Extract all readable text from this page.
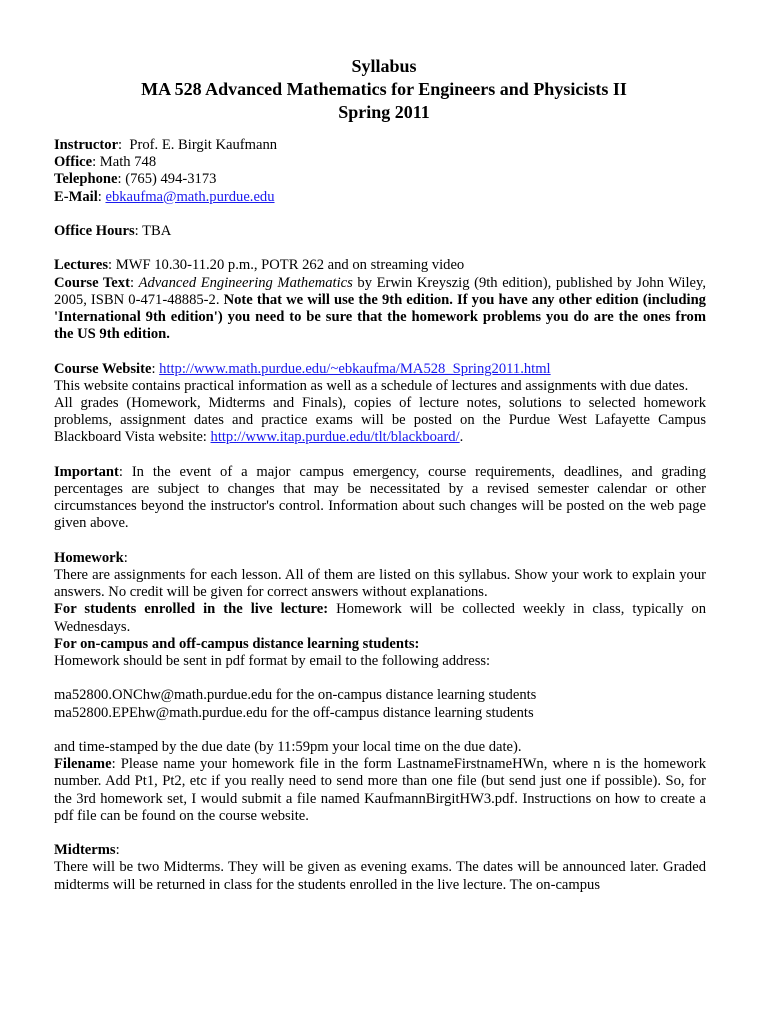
Syllabus
MA 528 Advanced Mathematics for Engineers and Physicists II
Spring 2011

Instructor:  Prof. E. Birgit Kaufmann

Office: Math 748

Telephone: (765) 494-3173

E-Mail: ebkaufma@math.purdue.edu

Office Hours: TBA

Lectures: MWF 10.30-11.20 p.m., POTR 262 and on streaming video

Course Text: Advanced Engineering Mathematics by Erwin Kreyszig (9th edition), published by John Wiley, 2005, ISBN 0-471-48885-2. Note that we will use the 9th edition. If you have any other edition (including 'International 9th edition') you need to be sure that the homework problems you do are the ones from the US 9th edition.

Course Website: http://www.math.purdue.edu/~ebkaufma/MA528_Spring2011.html

This website contains practical information as well as a schedule of lectures and assignments with due dates.

All grades (Homework, Midterms and Finals), copies of lecture notes, solutions to selected homework problems, assignment dates and practice exams will be posted on the Purdue West Lafayette Campus Blackboard Vista website: http://www.itap.purdue.edu/tlt/blackboard/.

Important: In the event of a major campus emergency, course requirements, deadlines, and grading percentages are subject to changes that may be necessitated by a revised semester calendar or other circumstances beyond the instructor's control. Information about such changes will be posted on the web page given above.

Homework:

There are assignments for each lesson. All of them are listed on this syllabus. Show your work to explain your answers. No credit will be given for correct answers without explanations.

For students enrolled in the live lecture: Homework will be collected weekly in class, typically on Wednesdays.

For on-campus and off-campus distance learning students:

Homework should be sent in pdf format by email to the following address:

ma52800.ONChw@math.purdue.edu for the on-campus distance learning students

ma52800.EPEhw@math.purdue.edu for the off-campus distance learning students

and time-stamped by the due date (by 11:59pm your local time on the due date).

Filename: Please name your homework file in the form LastnameFirstnameHWn, where n is the homework number. Add Pt1, Pt2, etc if you really need to send more than one file (but send just one if possible). So, for the 3rd homework set, I would submit a file named KaufmannBirgitHW3.pdf. Instructions on how to create a pdf file can be found on the course website.

Midterms:

There will be two Midterms. They will be given as evening exams. The dates will be announced later. Graded midterms will be returned in class for the students enrolled in the live lecture. The on-campus
